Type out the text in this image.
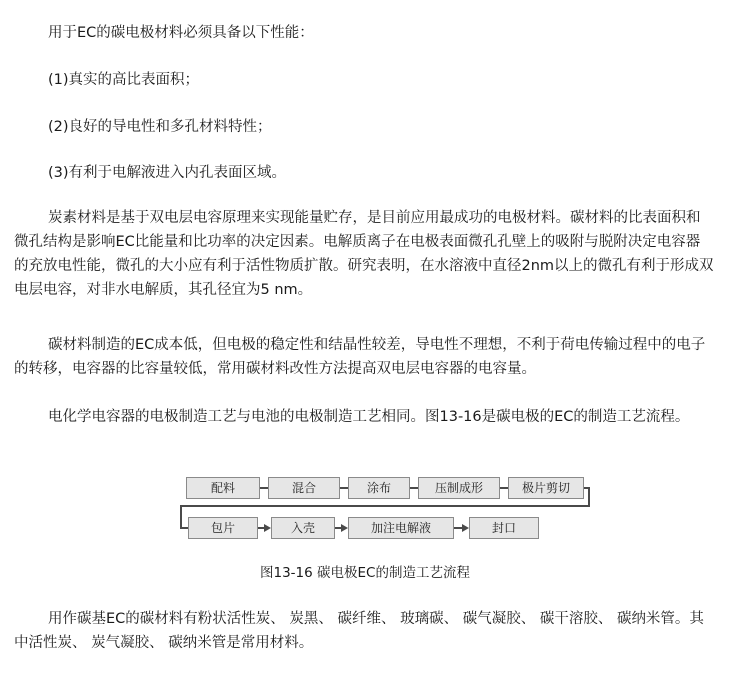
用于EC的碳电极材料必须具备以下性能：

(1)真实的高比表面积；

(2)良好的导电性和多孔材料特性；

(3)有利于电解液进入内孔表面区域。

炭素材料是基于双电层电容原理来实现能量贮存，是目前应用最成功的电极材料。碳材料的比表面积和微孔结构是影响EC比能量和比功率的决定因素。电解质离子在电极表面微孔孔壁上的吸附与脱附决定电容器的充放电性能，微孔的大小应有利于活性物质扩散。研究表明，在水溶液中直径2nm以上的微孔有利于形成双电层电容，对非水电解质，其孔径宜为5 nm。

碳材料制造的EC成本低，但电极的稳定性和结晶性较差，导电性不理想，不利于荷电传输过程中的电子的转移，电容器的比容量较低，常用碳材料改性方法提高双电层电容器的电容量。

电化学电容器的电极制造工艺与电池的电极制造工艺相同。图13-16是碳电极的EC的制造工艺流程。

配料	混合	涂布	压制成形	极片剪切
包片	入壳	加注电解液	封口
图13-16 碳电极EC的制造工艺流程

用作碳基EC的碳材料有粉状活性炭、 炭黑、 碳纤维、 玻璃碳、 碳气凝胶、 碳干溶胶、 碳纳米管。其中活性炭、 炭气凝胶、 碳纳米管是常用材料。
